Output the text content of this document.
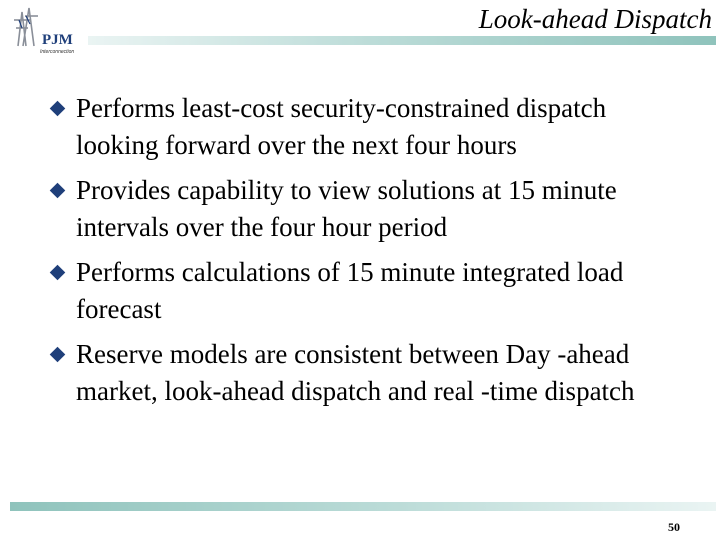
PJM
Interconnection
Look-ahead Dispatch
Performs least-cost security-constrained dispatch looking forward over the next four hours
Provides capability to view solutions at 15 minute intervals over the four hour period
Performs calculations of 15 minute integrated load forecast
Reserve models are consistent between Day -ahead market, look-ahead dispatch and real -time dispatch
50
